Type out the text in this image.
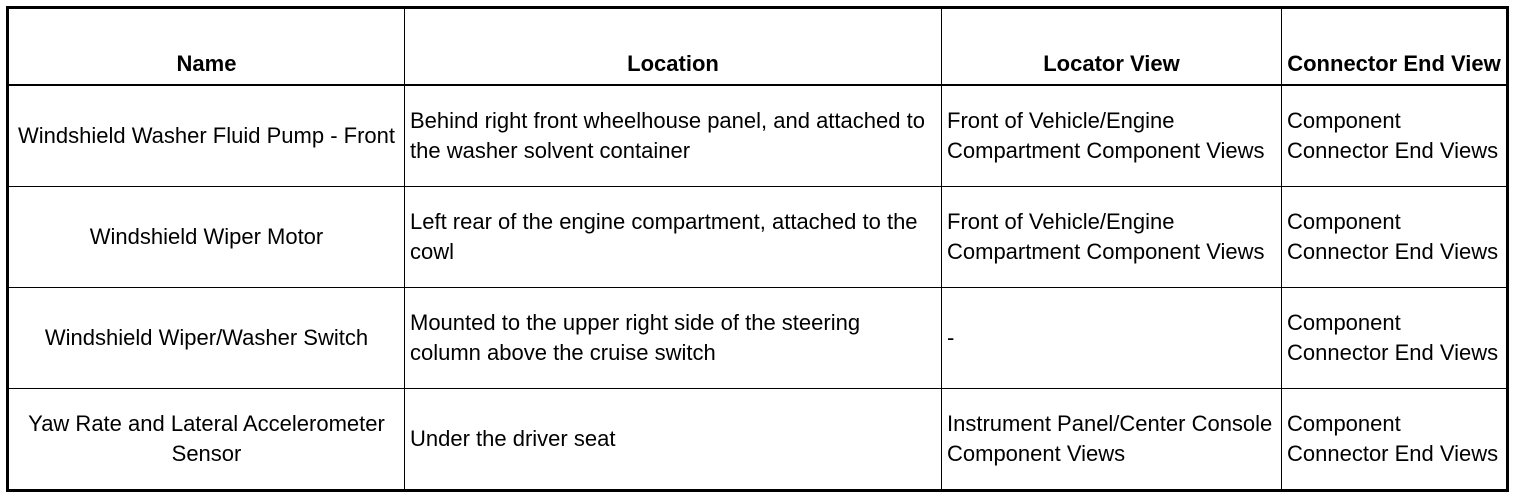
Name	Location	Locator View	Connector End View
Windshield Washer Fluid Pump - Front	Behind right front wheelhouse panel, and attached to the washer solvent container	Front of Vehicle/Engine Compartment Component Views	Component Connector End Views
Windshield Wiper Motor	Left rear of the engine compartment, attached to the cowl	Front of Vehicle/Engine Compartment Component Views	Component Connector End Views
Windshield Wiper/Washer Switch	Mounted to the upper right side of the steering column above the cruise switch	-	Component Connector End Views
Yaw Rate and Lateral Accelerometer Sensor	Under the driver seat	Instrument Panel/Center Console Component Views	Component Connector End Views
